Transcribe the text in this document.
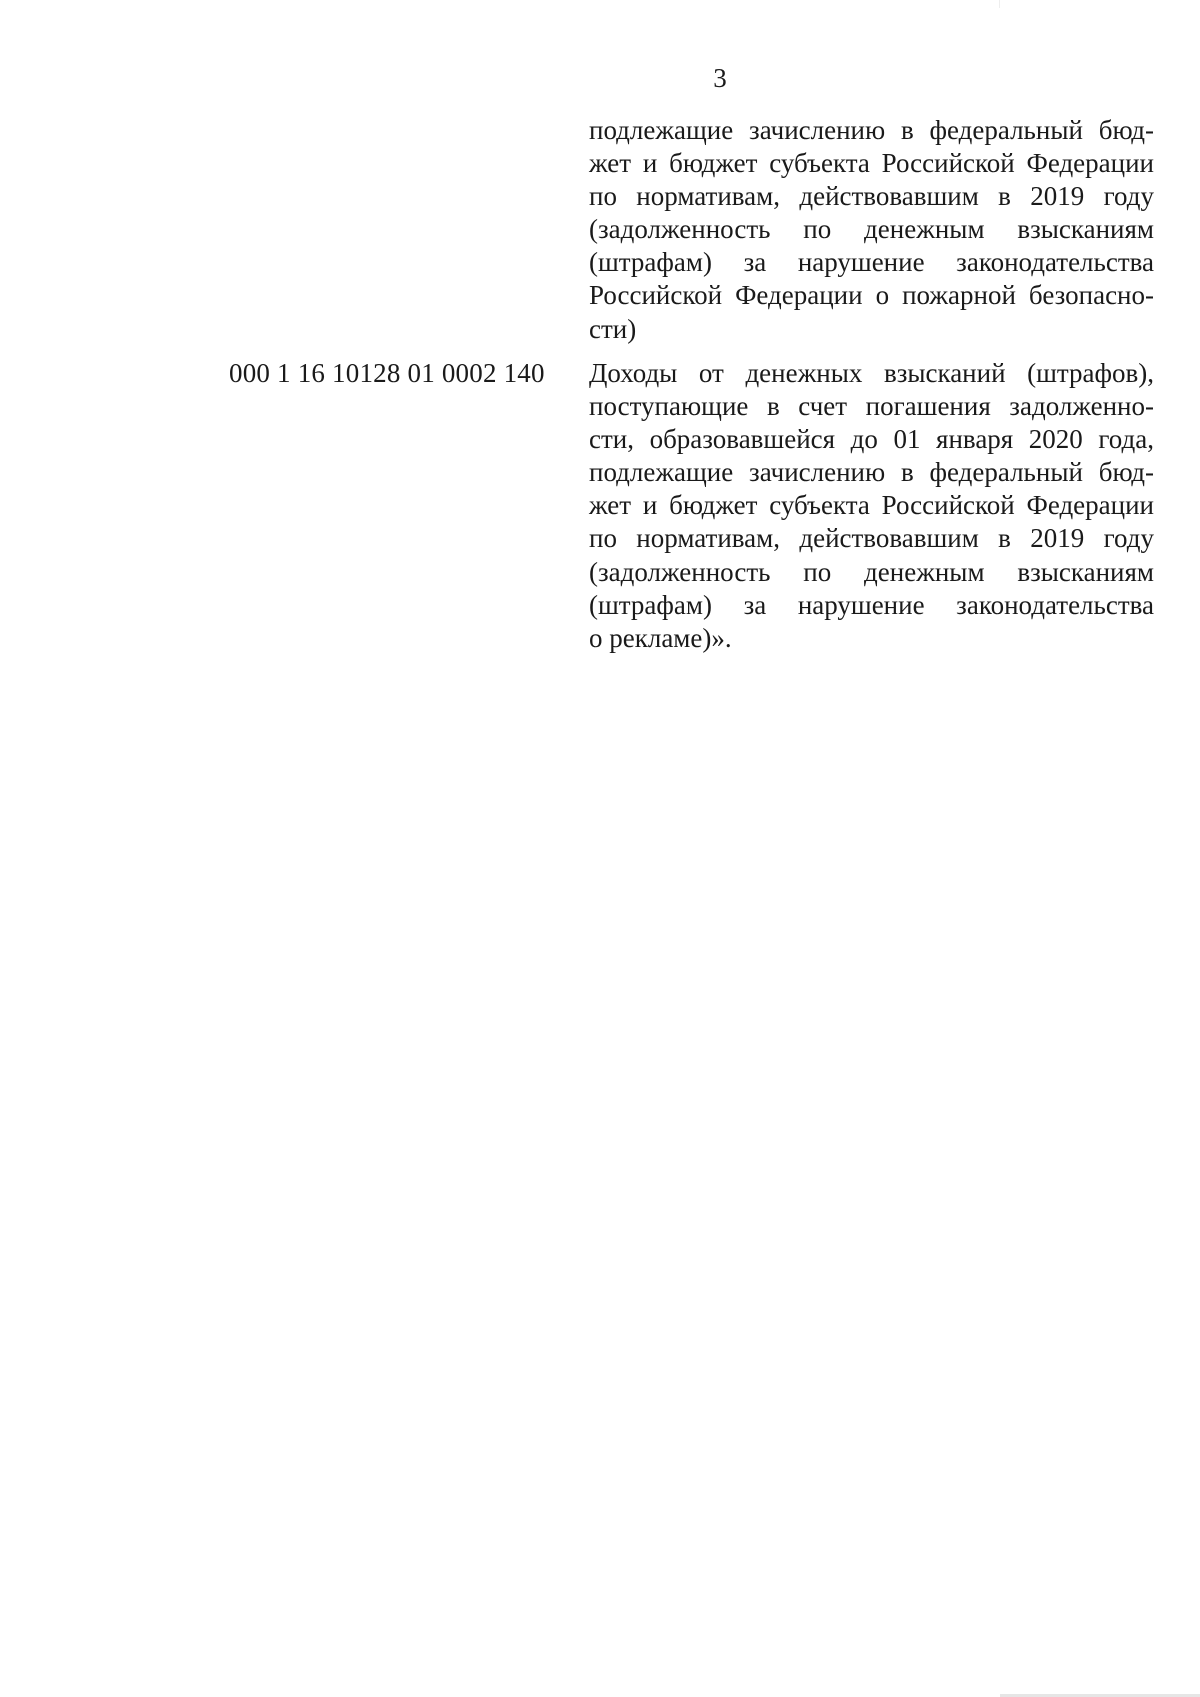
3
подлежащие зачислению в федеральный бюд-
жет и бюджет субъекта Российской Федерации
по нормативам, действовавшим в 2019 году
(задолженность по денежным взысканиям
(штрафам) за нарушение законодательства
Российской Федерации о пожарной безопасно-
сти)
000 1 16 10128 01 0002 140 Доходы от денежных взысканий (штрафов),
поступающие в счет погашения задолженно-
сти, образовавшейся до 01 января 2020 года,
подлежащие зачислению в федеральный бюд-
жет и бюджет субъекта Российской Федерации
по нормативам, действовавшим в 2019 году
(задолженность по денежным взысканиям
(штрафам) за нарушение законодательства
о рекламе)».
